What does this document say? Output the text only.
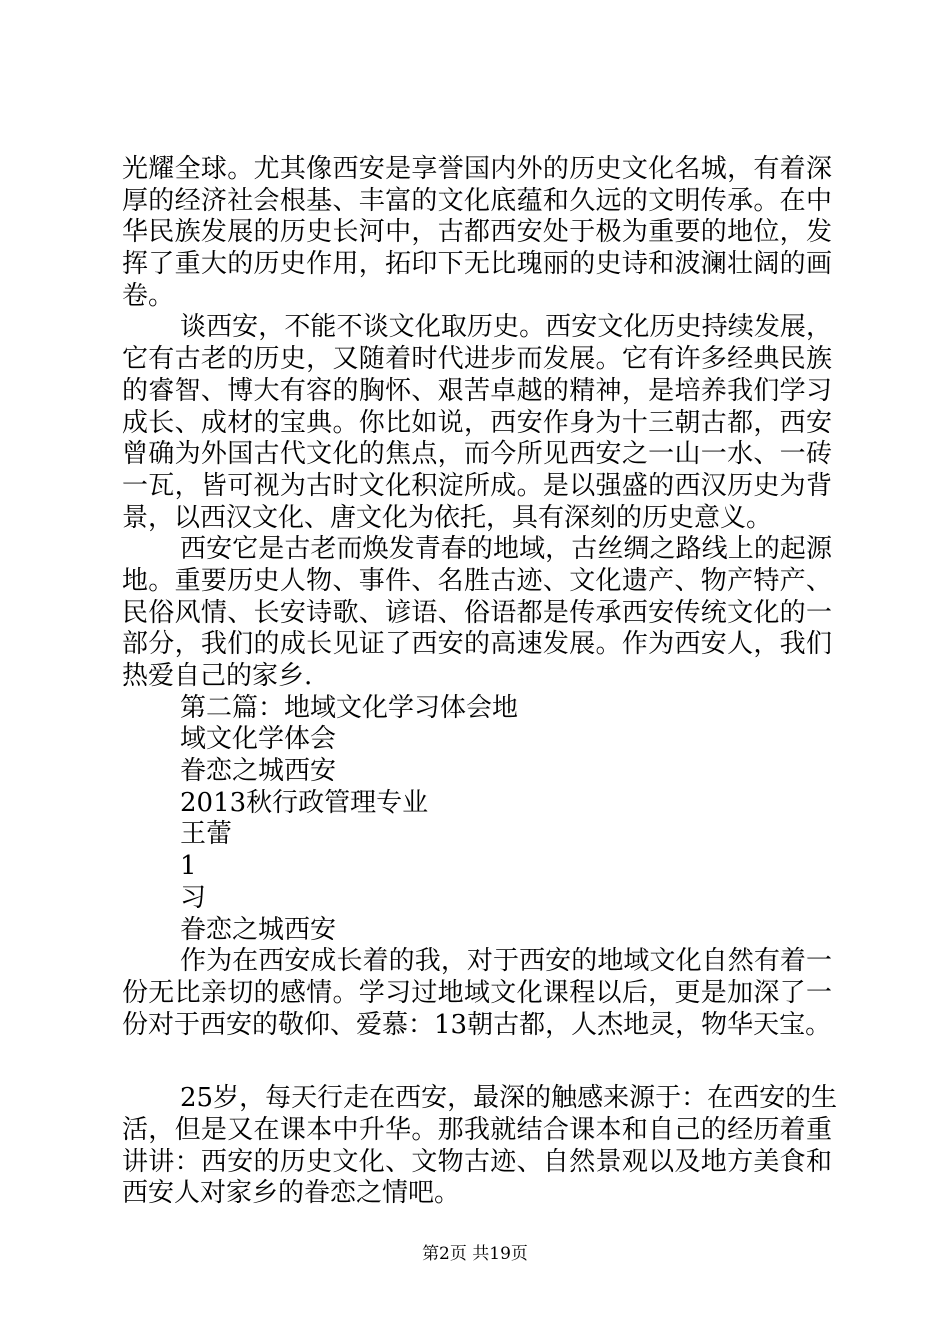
光耀全球。尤其像西安是享誉国内外的历史文化名城，有着深
厚的经济社会根基、丰富的文化底蕴和久远的文明传承。在中
华民族发展的历史长河中，古都西安处于极为重要的地位，发
挥了重大的历史作用，拓印下无比瑰丽的史诗和波澜壮阔的画
卷。
谈西安，不能不谈文化取历史。西安文化历史持续发展，
它有古老的历史，又随着时代进步而发展。它有许多经典民族
的睿智、博大有容的胸怀、艰苦卓越的精神，是培养我们学习
成长、成材的宝典。你比如说，西安作身为十三朝古都，西安
曾确为外国古代文化的焦点，而今所见西安之一山一水、一砖
一瓦，皆可视为古时文化积淀所成。是以强盛的西汉历史为背
景，以西汉文化、唐文化为依托，具有深刻的历史意义。
西安它是古老而焕发青春的地域，古丝绸之路线上的起源
地。重要历史人物、事件、名胜古迹、文化遗产、物产特产、
民俗风情、长安诗歌、谚语、俗语都是传承西安传统文化的一
部分，我们的成长见证了西安的高速发展。作为西安人，我们
热爱自己的家乡.
第二篇：地域文化学习体会地
域文化学体会
眷恋之城西安
2013秋行政管理专业
王蕾
1
习
眷恋之城西安
作为在西安成长着的我，对于西安的地域文化自然有着一
份无比亲切的感情。学习过地域文化课程以后，更是加深了一
份对于西安的敬仰、爱慕：13朝古都，人杰地灵，物华天宝。
25岁，每天行走在西安，最深的触感来源于：在西安的生
活，但是又在课本中升华。那我就结合课本和自己的经历着重
讲讲：西安的历史文化、文物古迹、自然景观以及地方美食和
西安人对家乡的眷恋之情吧。
第2页 共19页
